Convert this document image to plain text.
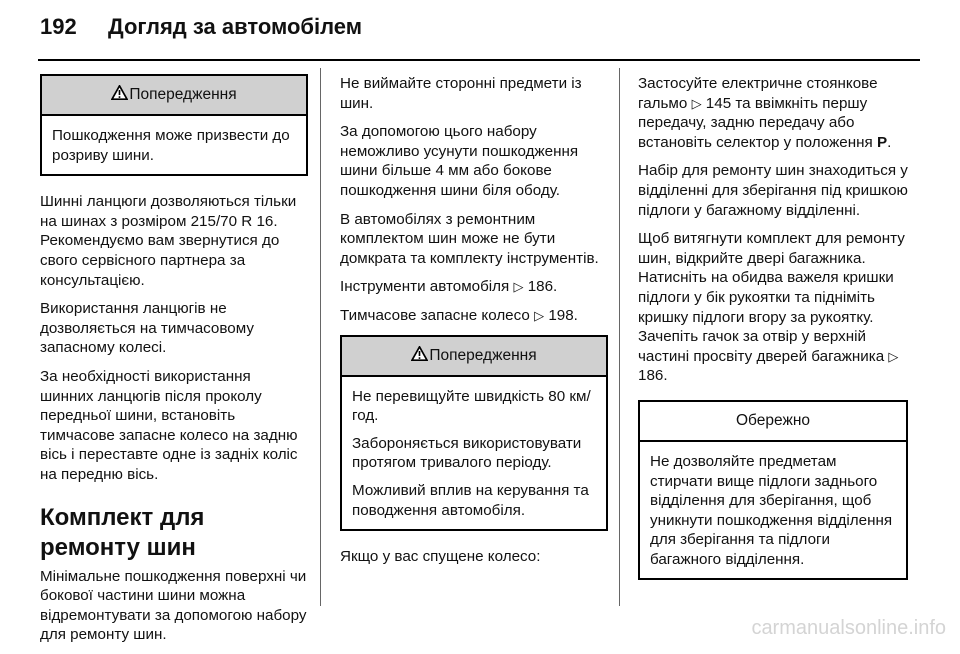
192 Догляд за автомобілем
Попередження

Пошкодження може призвести до розриву шини.

Шинні ланцюги дозволяються тільки на шинах з розміром 215/70 R 16. Рекомендуємо вам звернутися до свого сервісного партнера за консультацією.

Використання ланцюгів не дозволяється на тимчасовому запасному колесі.

За необхідності використання шинних ланцюгів після проколу передньої шини, встановіть тимчасове запасне колесо на задню вісь і переставте одне із задніх коліс на передню вісь.

Комплект для ремонту шин

Мінімальне пошкодження поверхні чи бокової частини шини можна відремонтувати за допомогою набору для ремонту шин.

Не виймайте сторонні предмети із шин.

За допомогою цього набору неможливо усунути пошкодження шини більше 4 мм або бокове пошкодження шини біля ободу.

В автомобілях з ремонтним комплектом шин може не бути домкрата та комплекту інструментів.

Інструменти автомобіля ▷ 186.

Тимчасове запасне колесо ▷ 198.

Попередження

Не перевищуйте швидкість 80 км/год.

Забороняється використовувати протягом тривалого періоду.

Можливий вплив на керування та поводження автомобіля.

Якщо у вас спущене колесо:

Застосуйте електричне стоянкове гальмо ▷ 145 та ввімкніть першу передачу, задню передачу або встановіть селектор у положення P.

Набір для ремонту шин знаходиться у відділенні для зберігання під кришкою підлоги у багажному відділенні.

Щоб витягнути комплект для ремонту шин, відкрийте двері багажника. Натисніть на обидва важеля кришки підлоги у бік рукоятки та підніміть кришку підлоги вгору за рукоятку. Зачепіть гачок за отвір у верхній частині просвіту дверей багажника ▷ 186.

Обережно

Не дозволяйте предметам стирчати вище підлоги заднього відділення для зберігання, щоб уникнути пошкодження відділення для зберігання та підлоги багажного відділення.

carmanualsonline.info
